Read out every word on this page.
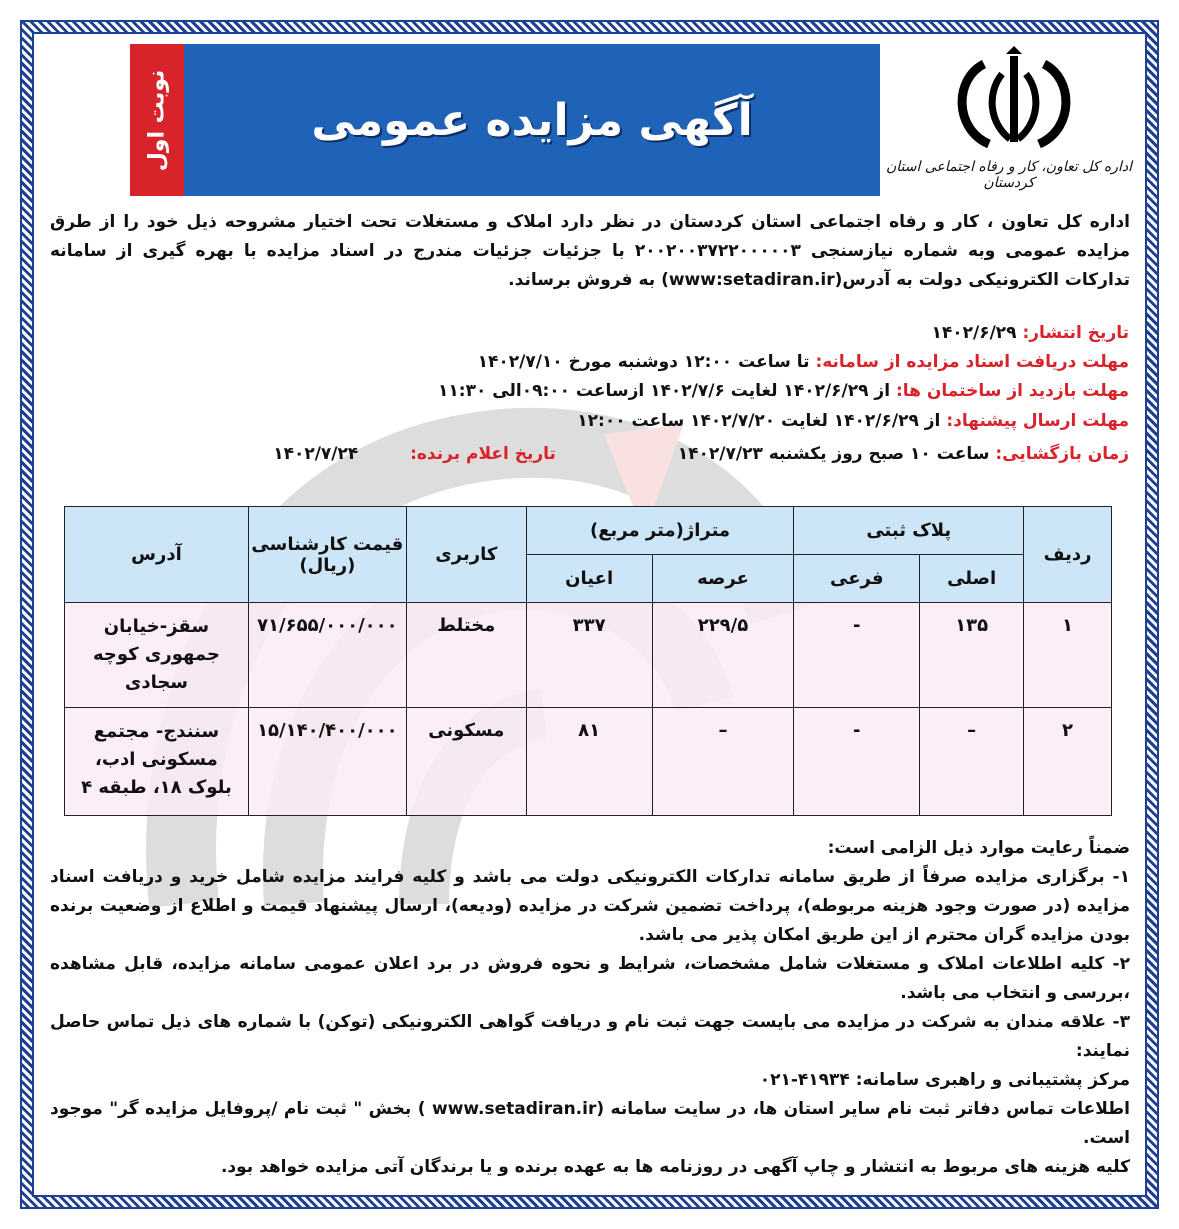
نوبت اول	آگهی مزایده عمومی
اداره کل تعاون، کار و رفاه اجتماعی استان کردستان

اداره کل تعاون ، کار و رفاه اجتماعی استان کردستان در نظر دارد املاک و مستغلات تحت اختیار مشروحه ذیل خود را از طرق مزایده عمومی وبه شماره نیازسنجی ۲۰۰۲۰۰۳۷۲۲۰۰۰۰۰۳ با جزئیات جزئیات مندرج در اسناد مزایده با بهره گیری از سامانه تدارکات الکترونیکی دولت به آدرس(www:setadiran.ir) به فروش برساند.

تاریخ انتشار: ۱۴۰۲/۶/۲۹
مهلت دریافت اسناد مزایده از سامانه: تا ساعت ۱۲:۰۰ دوشنبه مورخ ۱۴۰۲/۷/۱۰
مهلت بازدید از ساختمان ها: از ۱۴۰۲/۶/۲۹ لغایت ۱۴۰۲/۷/۶ ازساعت ۰۹:۰۰الی ۱۱:۳۰
مهلت ارسال پیشنهاد: از ۱۴۰۲/۶/۲۹ لغایت ۱۴۰۲/۷/۲۰ ساعت ۱۲:۰۰
زمان بازگشایی: ساعت ۱۰ صبح روز یکشنبه ۱۴۰۲/۷/۲۳  تاریخ اعلام برنده:  ۱۴۰۲/۷/۲۴
ردیف	پلاک ثبتی		متراژ(متر مربع)		کاربری	قیمت کارشناسی (ریال)	آدرس
	اصلی	فرعی	عرصه	اعیان			
۱	۱۳۵	-	۲۲۹/۵	۳۳۷	مختلط	۷۱/۶۵۵/۰۰۰/۰۰۰	سقز-خیابان جمهوری کوچه سجادی
۲	–	-	–	۸۱	مسکونی	۱۵/۱۴۰/۴۰۰/۰۰۰	سنندج- مجتمع مسکونی ادب، بلوک ۱۸، طبقه ۴

ضمناً رعایت موارد ذیل الزامی است:

۱- برگزاری مزایده صرفاً از طریق سامانه تدارکات الکترونیکی دولت می باشد و کلیه فرایند مزایده شامل خرید و دریافت اسناد مزایده (در صورت وجود هزینه مربوطه)، پرداخت تضمین شرکت در مزایده (ودیعه)، ارسال پیشنهاد قیمت و اطلاع از وضعیت برنده بودن مزایده گران محترم از این طریق امکان پذیر می باشد.

۲- کلیه اطلاعات املاک و مستغلات شامل مشخصات، شرایط و نحوه فروش در برد اعلان عمومی سامانه مزایده، قابل مشاهده ،بررسی و انتخاب می باشد.

۳- علاقه مندان به شرکت در مزایده می بایست جهت ثبت نام و دریافت گواهی الکترونیکی (توکن) با شماره های ذیل تماس حاصل نمایند:

مرکز پشتیبانی و راهبری سامانه: ۴۱۹۳۴-۰۲۱

اطلاعات تماس دفاتر ثبت نام سایر استان ها، در سایت سامانه (www.setadiran.ir ) بخش " ثبت نام /پروفایل مزایده گر" موجود است.

کلیه هزینه های مربوط به انتشار و چاپ آگهی در روزنامه ها به عهده برنده و یا برندگان آتی مزایده خواهد بود.
